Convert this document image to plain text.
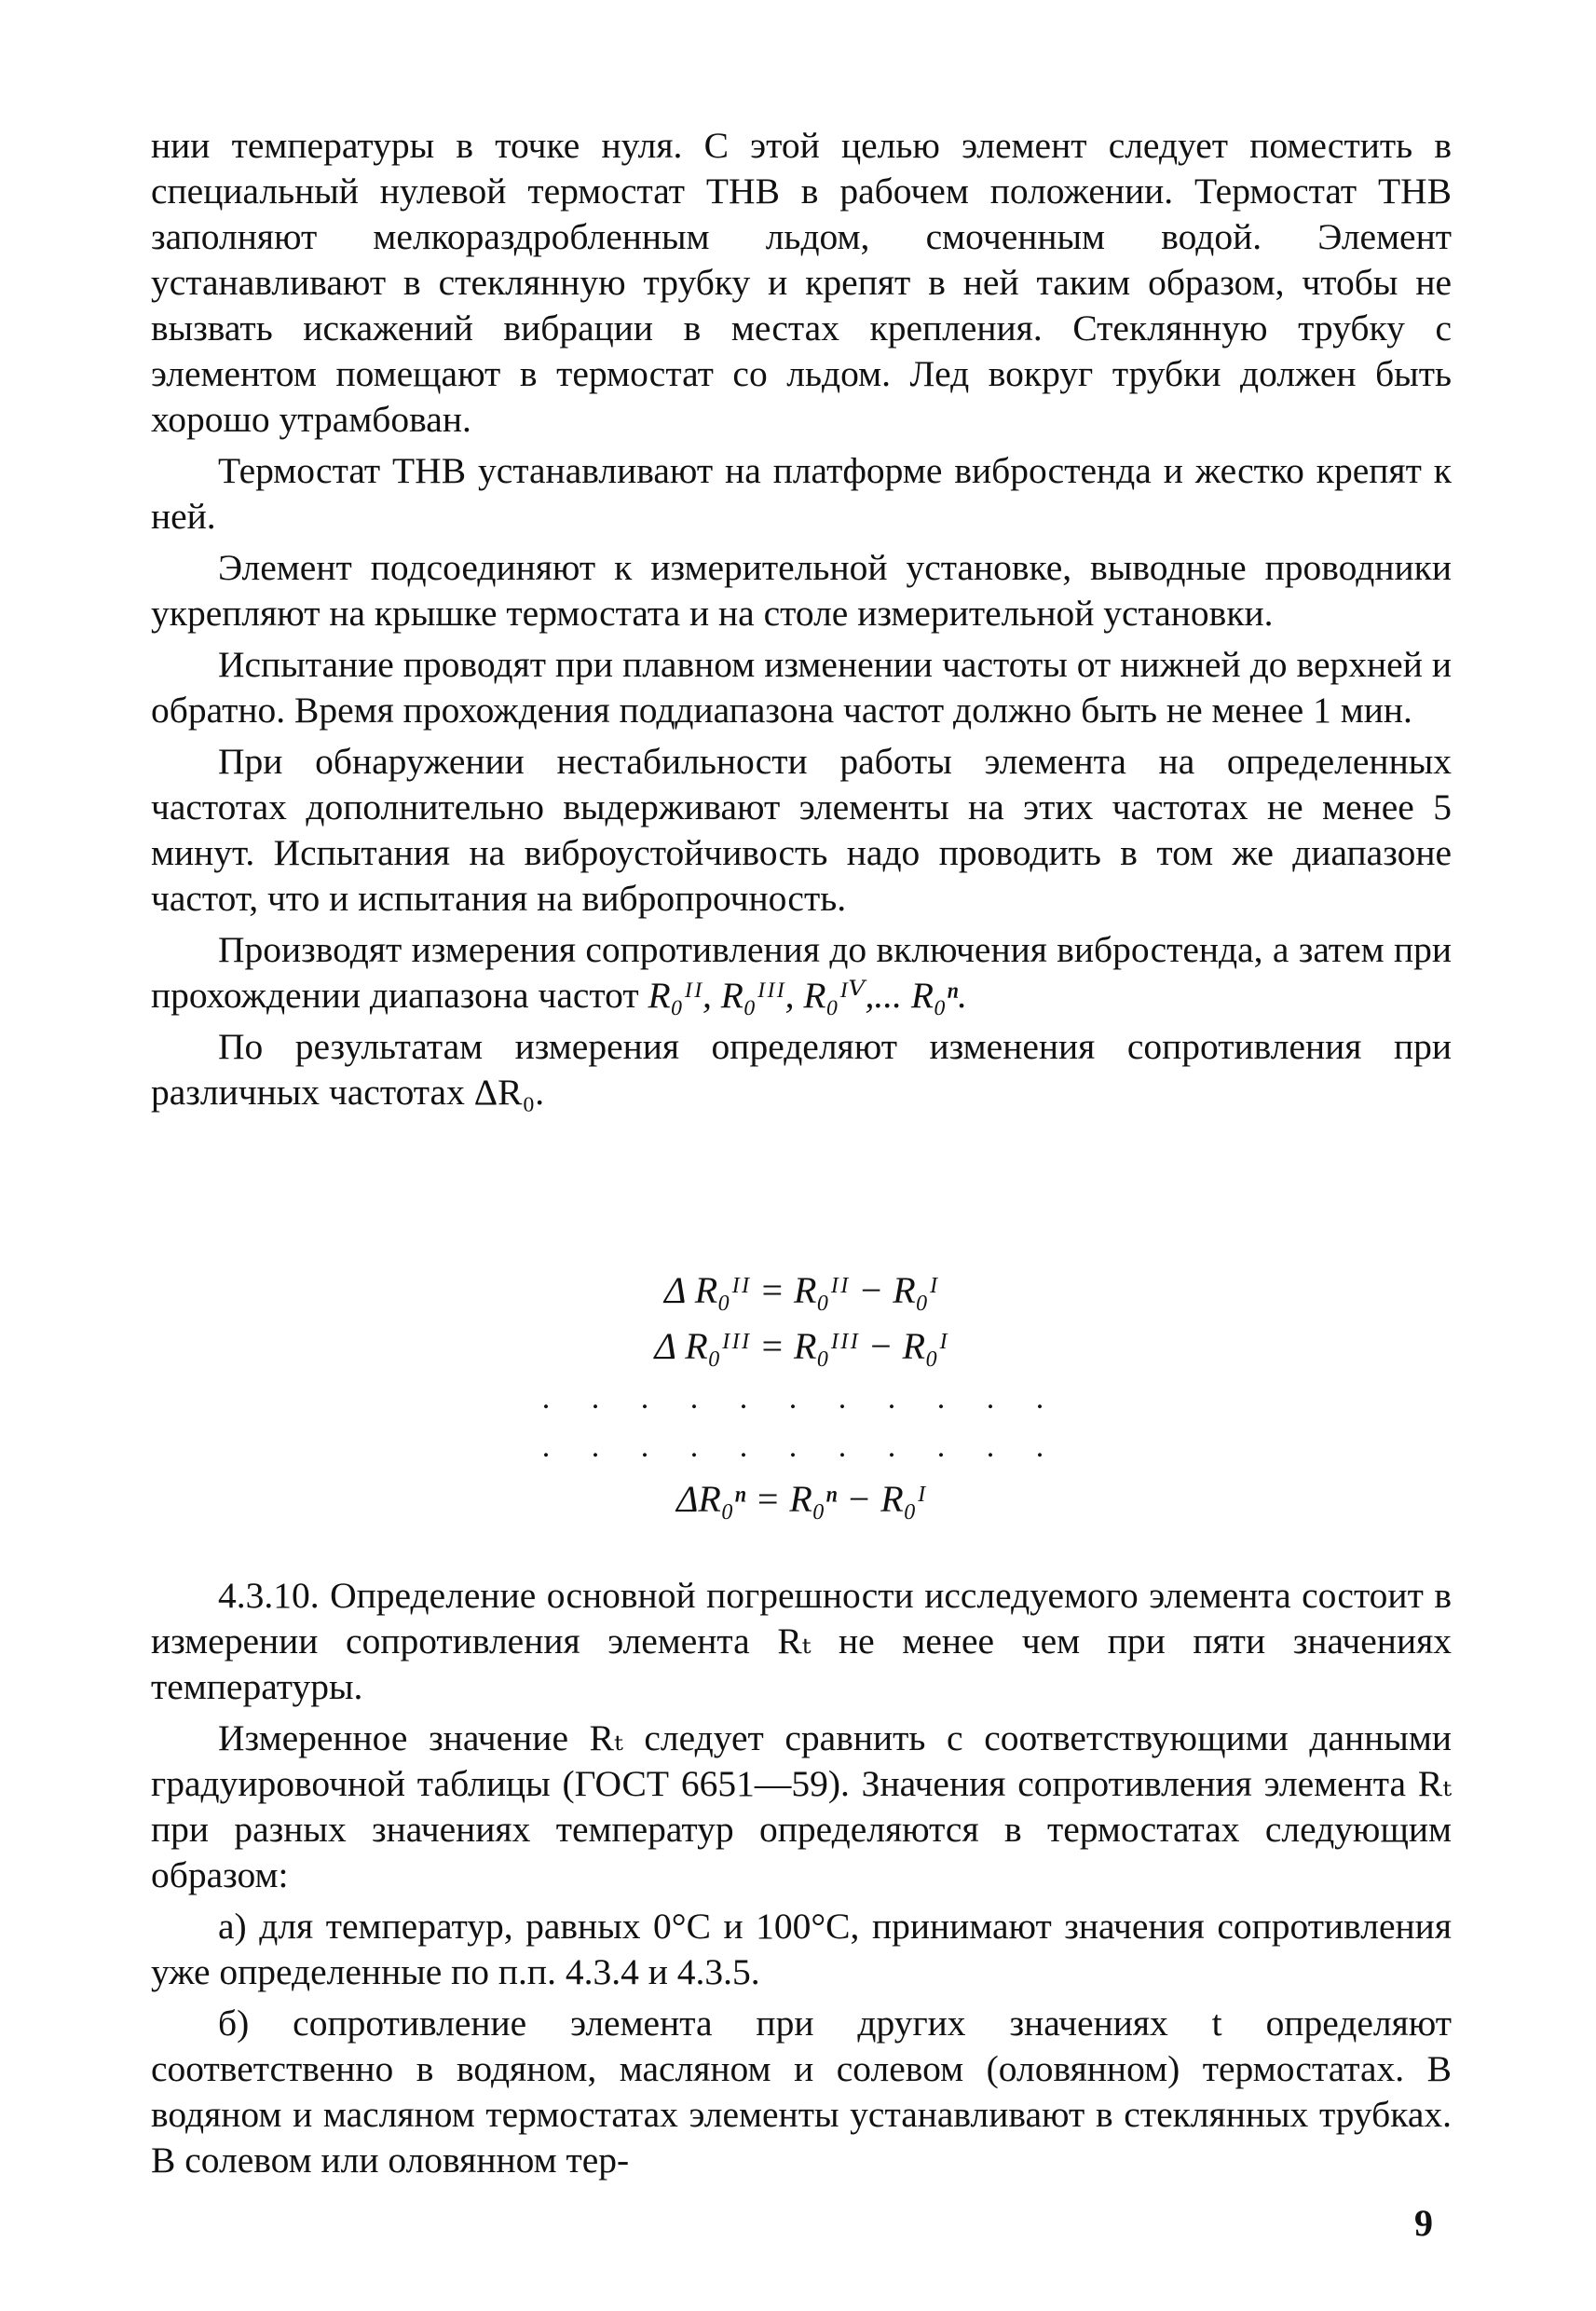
нии температуры в точке нуля. С этой целью элемент следует поместить в специальный нулевой термостат ТНВ в рабочем положении. Термостат ТНВ заполняют мелкораздробленным льдом, смоченным водой. Элемент устанавливают в стеклянную трубку и крепят в ней таким образом, чтобы не вызвать искажений вибрации в местах крепления. Стеклянную трубку с элементом помещают в термостат со льдом. Лед вокруг трубки должен быть хорошо утрамбован.

Термостат ТНВ устанавливают на платформе вибростенда и жестко крепят к ней.

Элемент подсоединяют к измерительной установке, выводные проводники укрепляют на крышке термостата и на столе измерительной установки.

Испытание проводят при плавном изменении частоты от нижней до верхней и обратно. Время прохождения поддиапазона частот должно быть не менее 1 мин.

При обнаружении нестабильности работы элемента на определенных частотах дополнительно выдерживают элементы на этих частотах не менее 5 минут. Испытания на виброустойчивость надо проводить в том же диапазоне частот, что и испытания на вибропрочность.

Производят измерения сопротивления до включения вибростенда, а затем при прохождении диапазона частот R₀ᴵᴵ, R₀ᴵᴵᴵ, R₀ᴵⱽ,... R₀ⁿ.

По результатам измерения определяют изменения сопротивления при различных частотах ΔR₀.

Δ R₀ᴵᴵ = R₀ᴵᴵ − R₀ᴵ
Δ R₀ᴵᴵᴵ = R₀ᴵᴵᴵ − R₀ᴵ
. . . . . . . . . . .
. . . . . . . . . . .
ΔR₀ⁿ = R₀ⁿ − R₀ᴵ

4.3.10. Определение основной погрешности исследуемого элемента состоит в измерении сопротивления элемента Rₜ не менее чем при пяти значениях температуры.

Измеренное значение Rₜ следует сравнить с соответствующими данными градуировочной таблицы (ГОСТ 6651—59). Значения сопротивления элемента Rₜ при разных значениях температур определяются в термостатах следующим образом:

а) для температур, равных 0°С и 100°С, принимают значения сопротивления уже определенные по п.п. 4.3.4 и 4.3.5.

б) сопротивление элемента при других значениях t определяют соответственно в водяном, масляном и солевом (оловянном) термостатах. В водяном и масляном термостатах элементы устанавливают в стеклянных трубках. В солевом или оловянном тер-

9
